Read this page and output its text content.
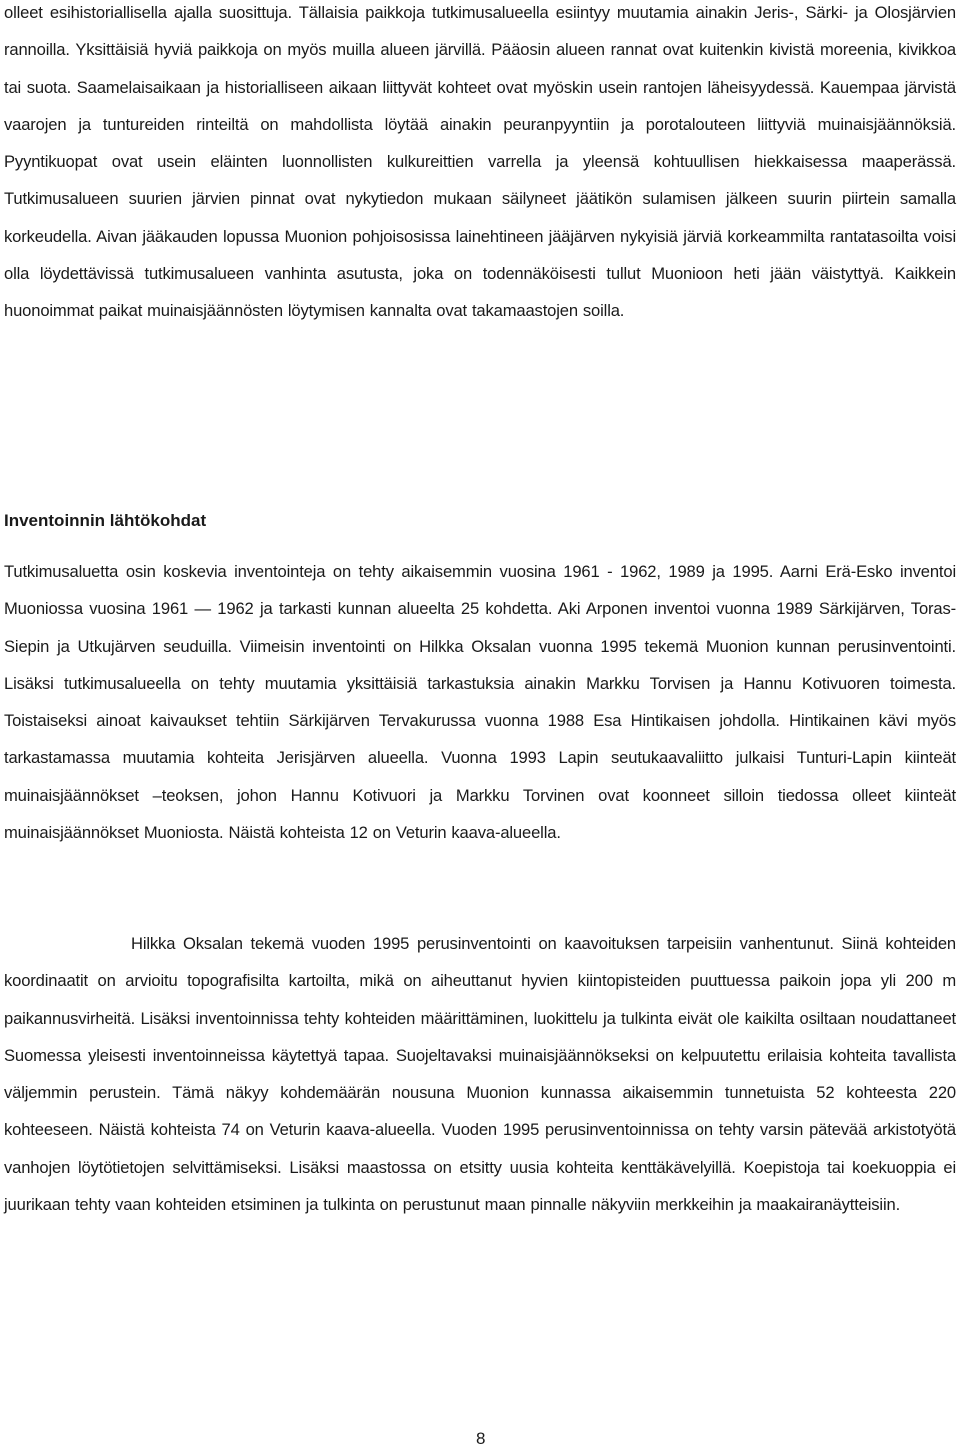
olleet esihistoriallisella ajalla suosittuja. Tällaisia paikkoja tutkimusalueella esiintyy muutamia ainakin Jeris-, Särki- ja Olosjärvien rannoilla. Yksittäisiä hyviä paikkoja on myös muilla alueen järvillä. Pääosin alueen rannat ovat kuitenkin kivistä moreenia, kivikkoa tai suota. Saamelaisaikaan ja historialliseen aikaan liittyvät kohteet ovat myöskin usein rantojen läheisyydessä. Kauempaa järvistä vaarojen ja tuntureiden rinteiltä on mahdollista löytää ainakin peuranpyyntiin ja porotalouteen liittyviä muinaisjäännöksiä. Pyyntikuopat ovat usein eläinten luonnollisten kulkureittien varrella ja yleensä kohtuullisen hiekkaisessa maaperässä. Tutkimusalueen suurien järvien pinnat ovat nykytiedon mukaan säilyneet jäätikön sulamisen jälkeen suurin piirtein samalla korkeudella. Aivan jääkauden lopussa Muonion pohjoisosissa lainehtineen jääjärven nykyisiä järviä korkeammilta rantatasoilta voisi olla löydettävissä tutkimusalueen vanhinta asutusta, joka on todennäköisesti tullut Muonioon heti jään väistyttyä. Kaikkein huonoimmat paikat muinaisjäännösten löytymisen kannalta ovat takamaastojen soilla.

Inventoinnin lähtökohdat

Tutkimusaluetta osin koskevia inventointeja on tehty aikaisemmin vuosina 1961 - 1962, 1989 ja 1995. Aarni Erä-Esko inventoi Muoniossa vuosina 1961 — 1962 ja tarkasti kunnan alueelta 25 kohdetta. Aki Arponen inventoi vuonna 1989 Särkijärven, Toras-Siepin ja Utkujärven seuduilla. Viimeisin inventointi on Hilkka Oksalan vuonna 1995 tekemä Muonion kunnan perusinventointi. Lisäksi tutkimusalueella on tehty muutamia yksittäisiä tarkastuksia ainakin Markku Torvisen ja Hannu Kotivuoren toimesta. Toistaiseksi ainoat kaivaukset tehtiin Särkijärven Tervakurussa vuonna 1988 Esa Hintikaisen johdolla. Hintikainen kävi myös tarkastamassa muutamia kohteita Jerisjärven alueella. Vuonna 1993 Lapin seutukaavaliitto julkaisi Tunturi-Lapin kiinteät muinaisjäännökset –teoksen, johon Hannu Kotivuori ja Markku Torvinen ovat koonneet silloin tiedossa olleet kiinteät muinaisjäännökset Muoniosta. Näistä kohteista 12 on Veturin kaava-alueella.

Hilkka Oksalan tekemä vuoden 1995 perusinventointi on kaavoituksen tarpeisiin vanhentunut. Siinä kohteiden koordinaatit on arvioitu topografisilta kartoilta, mikä on aiheuttanut hyvien kiintopisteiden puuttuessa paikoin jopa yli 200 m paikannusvirheitä. Lisäksi inventoinnissa tehty kohteiden määrittäminen, luokittelu ja tulkinta eivät ole kaikilta osiltaan noudattaneet Suomessa yleisesti inventoinneissa käytettyä tapaa. Suojeltavaksi muinaisjäännökseksi on kelpuutettu erilaisia kohteita tavallista väljemmin perustein. Tämä näkyy kohdemäärän nousuna Muonion kunnassa aikaisemmin tunnetuista 52 kohteesta 220 kohteeseen. Näistä kohteista 74 on Veturin kaava-alueella. Vuoden 1995 perusinventoinnissa on tehty varsin pätevää arkistotyötä vanhojen löytötietojen selvittämiseksi. Lisäksi maastossa on etsitty uusia kohteita kenttäkävelyillä. Koepistoja tai koekuoppia ei juurikaan tehty vaan kohteiden etsiminen ja tulkinta on perustunut maan pinnalle näkyviin merkkeihin ja maakairanäytteisiin.

8
